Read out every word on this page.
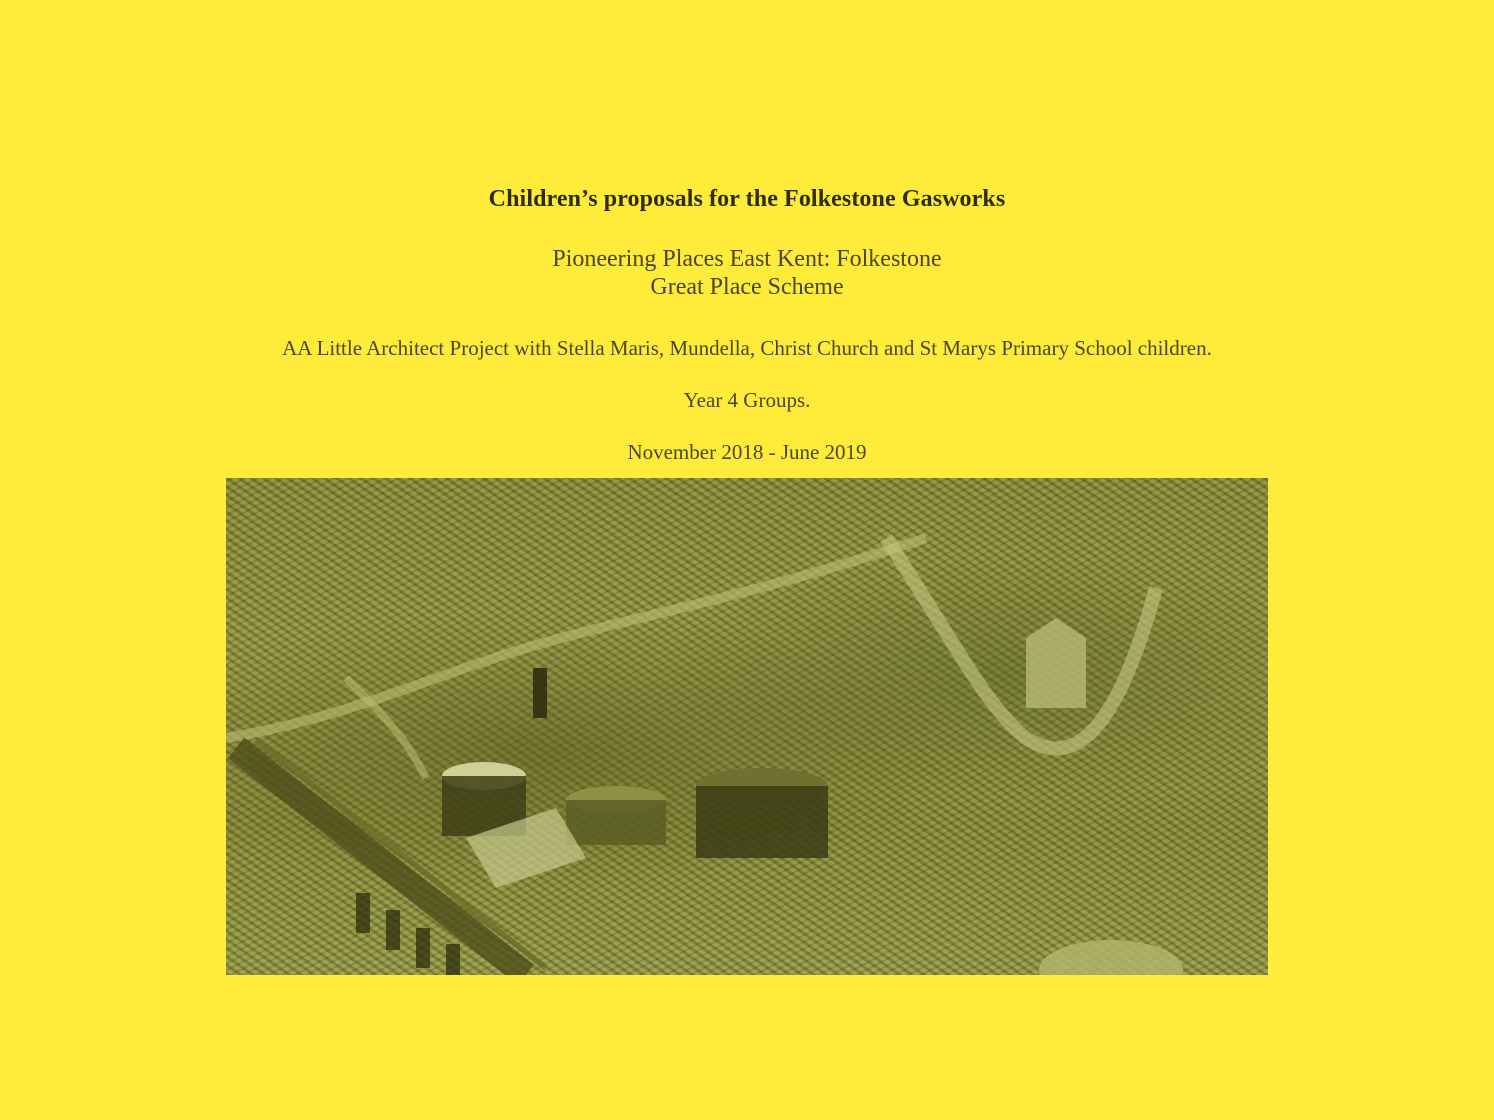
Children’s proposals for the Folkestone Gasworks
Pioneering Places East Kent: Folkestone
Great Place Scheme
AA Little Architect Project with Stella Maris, Mundella, Christ Church and St Marys Primary School children.
Year 4 Groups.
November 2018 - June 2019
